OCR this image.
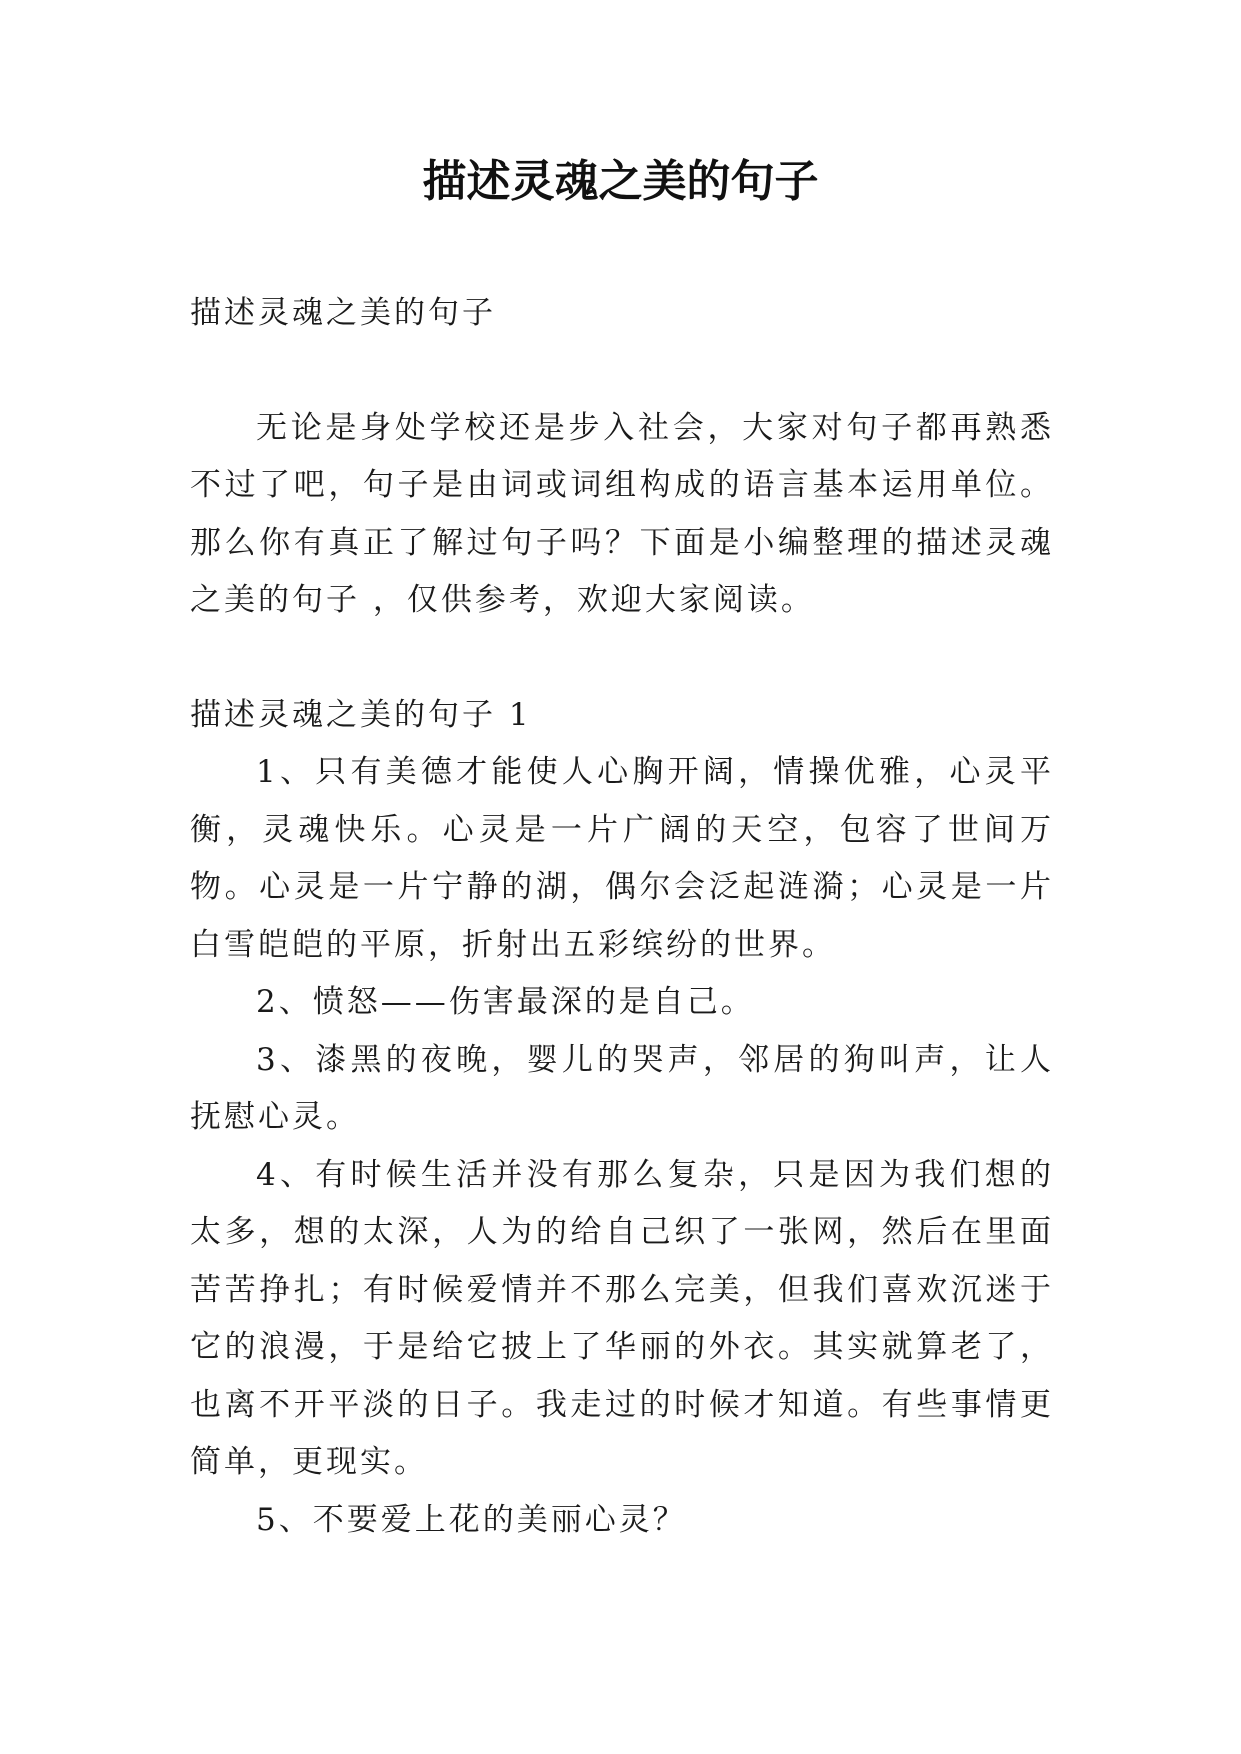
描述灵魂之美的句子

描述灵魂之美的句子

无论是身处学校还是步入社会，大家对句子都再熟悉不过了吧，句子是由词或词组构成的语言基本运用单位。那么你有真正了解过句子吗？下面是小编整理的描述灵魂之美的句子 ，仅供参考，欢迎大家阅读。

描述灵魂之美的句子 1

1、只有美德才能使人心胸开阔，情操优雅，心灵平衡，灵魂快乐。心灵是一片广阔的天空，包容了世间万物。心灵是一片宁静的湖，偶尔会泛起涟漪；心灵是一片白雪皑皑的平原，折射出五彩缤纷的世界。

2、愤怒——伤害最深的是自己。

3、漆黑的夜晚，婴儿的哭声，邻居的狗叫声，让人抚慰心灵。

4、有时候生活并没有那么复杂，只是因为我们想的太多，想的太深，人为的给自己织了一张网，然后在里面苦苦挣扎；有时候爱情并不那么完美，但我们喜欢沉迷于它的浪漫，于是给它披上了华丽的外衣。其实就算老了，也离不开平淡的日子。我走过的时候才知道。有些事情更简单，更现实。

5、不要爱上花的美丽心灵？
